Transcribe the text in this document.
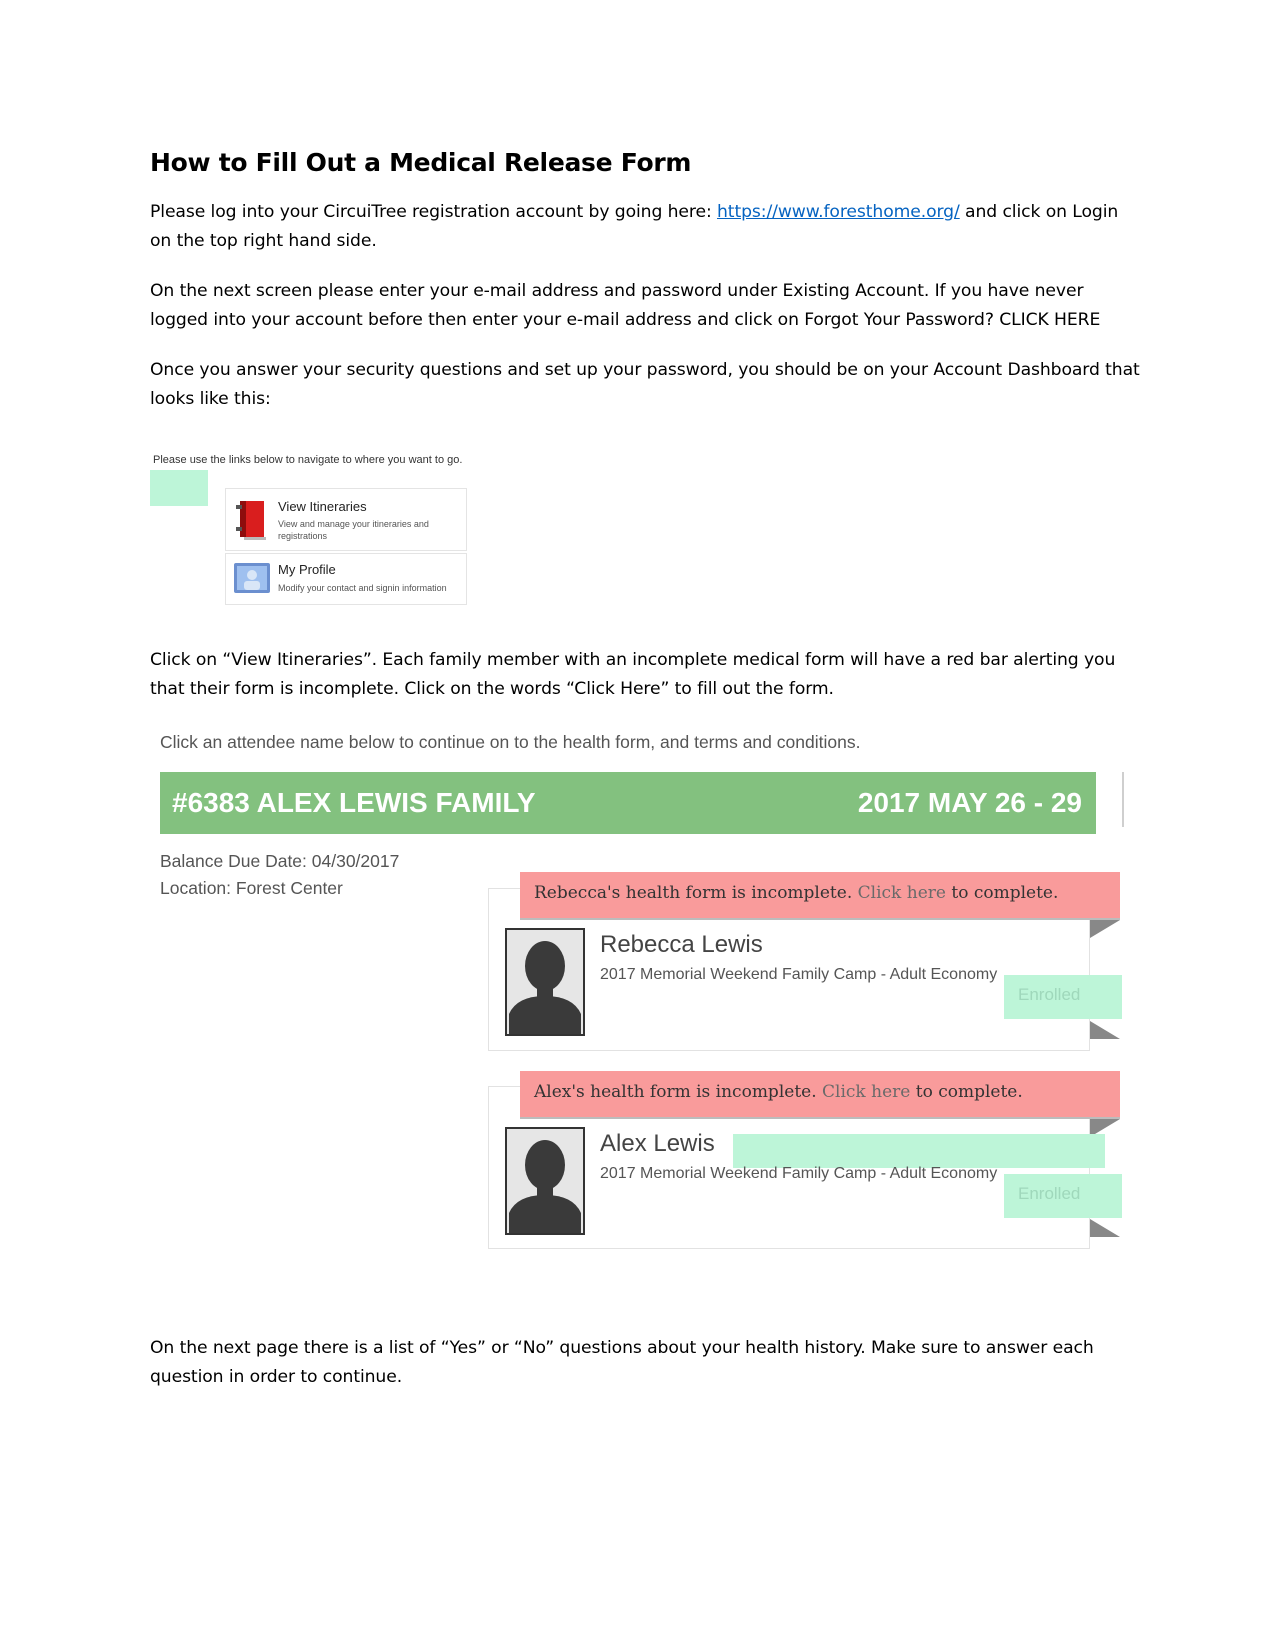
How to Fill Out a Medical Release Form

Please log into your CircuiTree registration account by going here: https://www.foresthome.org/ and click on Login on the top right hand side.

On the next screen please enter your e-mail address and password under Existing Account. If you have never logged into your account before then enter your e-mail address and click on Forgot Your Password? CLICK HERE

Once you answer your security questions and set up your password, you should be on your Account Dashboard that looks like this:

Please use the links below to navigate to where you want to go.
View Itineraries
View and manage your itineraries and registrations
My Profile
Modify your contact and signin information

Click on “View Itineraries”. Each family member with an incomplete medical form will have a red bar alerting you that their form is incomplete. Click on the words “Click Here” to fill out the form.

Click an attendee name below to continue on to the health form, and terms and conditions.
#6383 ALEX LEWIS FAMILY	2017 MAY 26 - 29
Balance Due Date: 04/30/2017
Location: Forest Center	Rebecca's health form is incomplete. Click here to complete.
Rebecca Lewis
2017 Memorial Weekend Family Camp - Adult Economy
Enrolled
Alex's health form is incomplete. Click here to complete.
Alex Lewis
2017 Memorial Weekend Family Camp - Adult Economy
Enrolled

On the next page there is a list of “Yes” or “No” questions about your health history. Make sure to answer each question in order to continue.
